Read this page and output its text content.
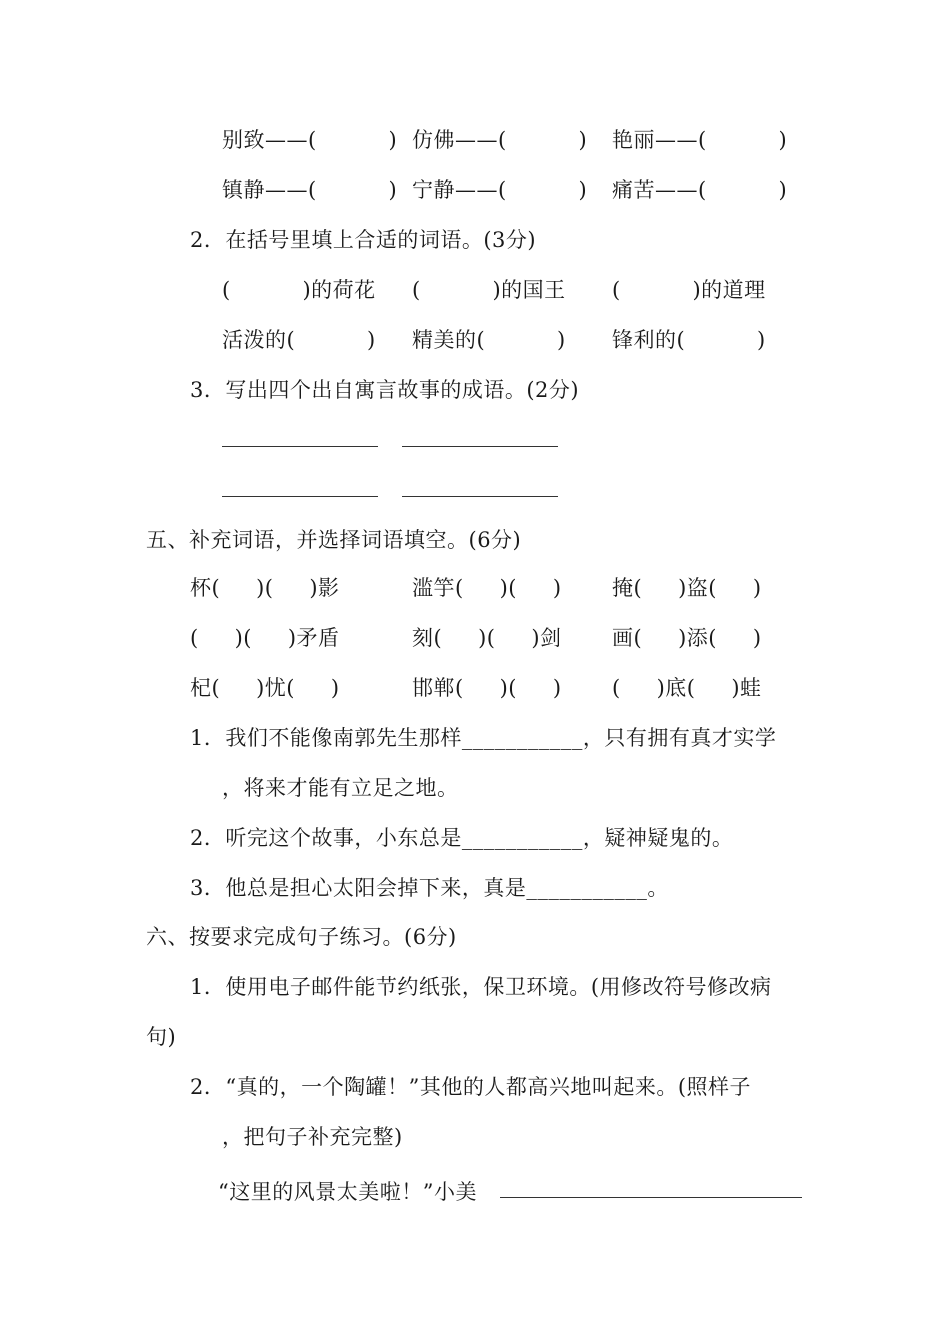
别致——(          ) 仿佛——(          ) 艳丽——(          )
镇静——(          ) 宁静——(          ) 痛苦——(          )
2．在括号里填上合适的词语。(3分)
(          )的荷花 (          )的国王 (          )的道理
活泼的(          ) 精美的(          ) 锋利的(          )
3．写出四个出自寓言故事的成语。(2分)
五、补充词语，并选择词语填空。(6分)
杯(     )(     )影	滥竽(     )(     ) 掩(     )盗(     )
(     )(     )矛盾	刻(     )(     )剑 画(     )添(     )
杞(     )忧(     )	邯郸(     )(     ) (     )底(     )蛙
1．我们不能像南郭先生那样___________，只有拥有真才实学
，将来才能有立足之地。
2．听完这个故事，小东总是___________，疑神疑鬼的。
3．他总是担心太阳会掉下来，真是___________。
六、按要求完成句子练习。(6分)
1．使用电子邮件能节约纸张，保卫环境。(用修改符号修改病
句)
2．“真的，一个陶罐！”其他的人都高兴地叫起来。(照样子
，把句子补充完整)
“这里的风景太美啦！”小美
